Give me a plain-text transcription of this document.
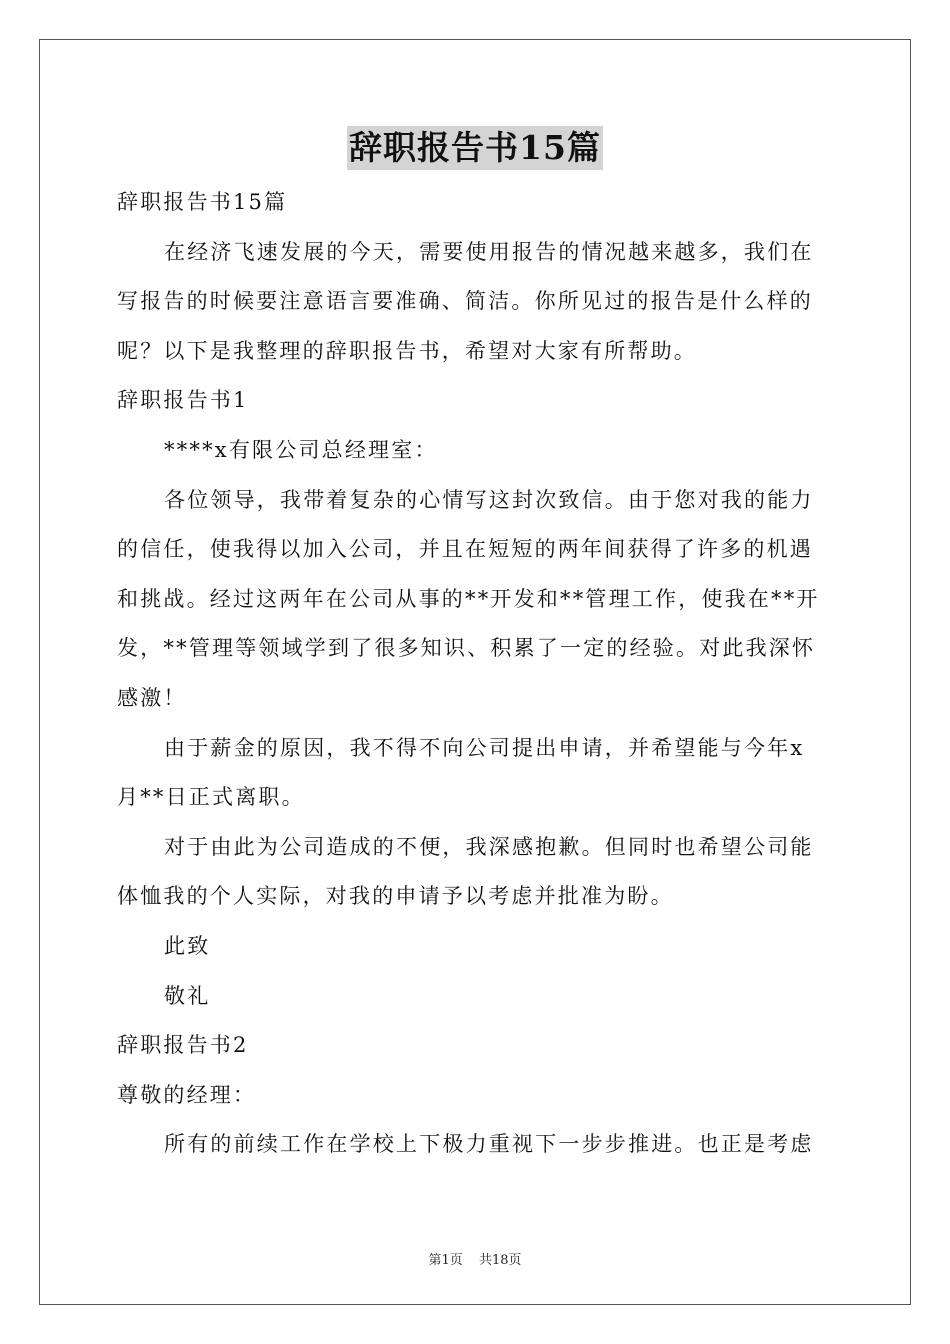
辞职报告书15篇
辞职报告书15篇
在经济飞速发展的今天，需要使用报告的情况越来越多，我们在
写报告的时候要注意语言要准确、简洁。你所见过的报告是什么样的
呢？以下是我整理的辞职报告书，希望对大家有所帮助。
辞职报告书1
****x有限公司总经理室：
各位领导，我带着复杂的心情写这封次致信。由于您对我的能力
的信任，使我得以加入公司，并且在短短的两年间获得了许多的机遇
和挑战。经过这两年在公司从事的**开发和**管理工作，使我在**开
发，**管理等领域学到了很多知识、积累了一定的经验。对此我深怀
感激！
由于薪金的原因，我不得不向公司提出申请，并希望能与今年x
月**日正式离职。
对于由此为公司造成的不便，我深感抱歉。但同时也希望公司能
体恤我的个人实际，对我的申请予以考虑并批准为盼。
此致
敬礼
辞职报告书2
尊敬的经理：
所有的前续工作在学校上下极力重视下一步步推进。也正是考虑
第1页 共18页
